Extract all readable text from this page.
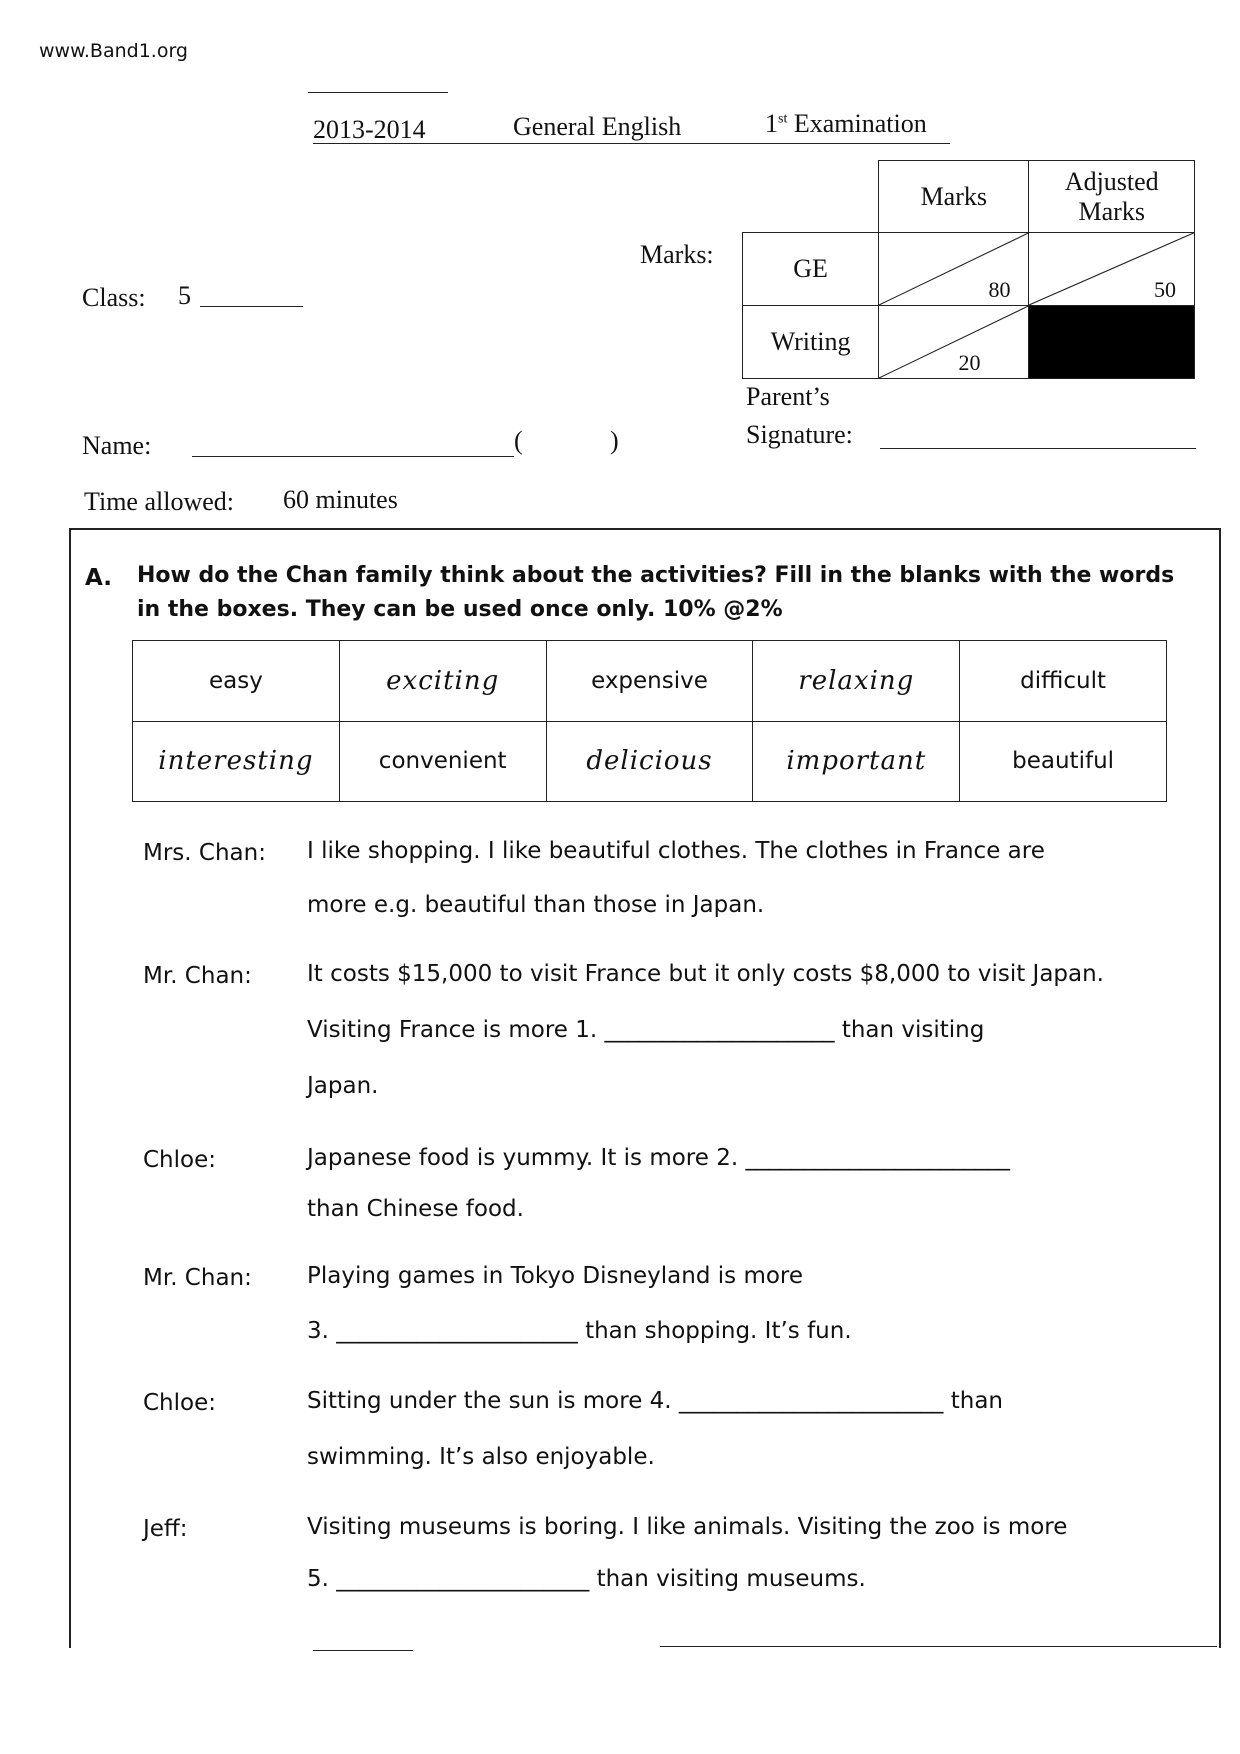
www.Band1.org
2013-2014	General English	1st Examination
Marks:
	Marks	Adjusted Marks
GE	80	50

Writing	20	

Class: 5
Parent’s
Signature:
Name:	(	)
Time allowed: 60 minutes
A. How do the Chan family think about the activities? Fill in the blanks with the words
in the boxes. They can be used once only. 10% @2%
easy	exciting	expensive	relaxing	difficult
interesting	convenient	delicious	important	beautiful
Mrs. Chan: I like shopping. I like beautiful clothes. The clothes in France are
more e.g. beautiful than those in Japan.
Mr. Chan: It costs $15,000 to visit France but it only costs $8,000 to visit Japan.
Visiting France is more 1. ____________________ than visiting
Japan.
Chloe:	Japanese food is yummy. It is more 2. _______________________
than Chinese food.
Mr. Chan: Playing games in Tokyo Disneyland is more
3. _____________________ than shopping. It’s fun.
Chloe:	Sitting under the sun is more 4. _______________________ than
swimming. It’s also enjoyable.
Jeff:	Visiting museums is boring. I like animals. Visiting the zoo is more
5. ______________________ than visiting museums.
